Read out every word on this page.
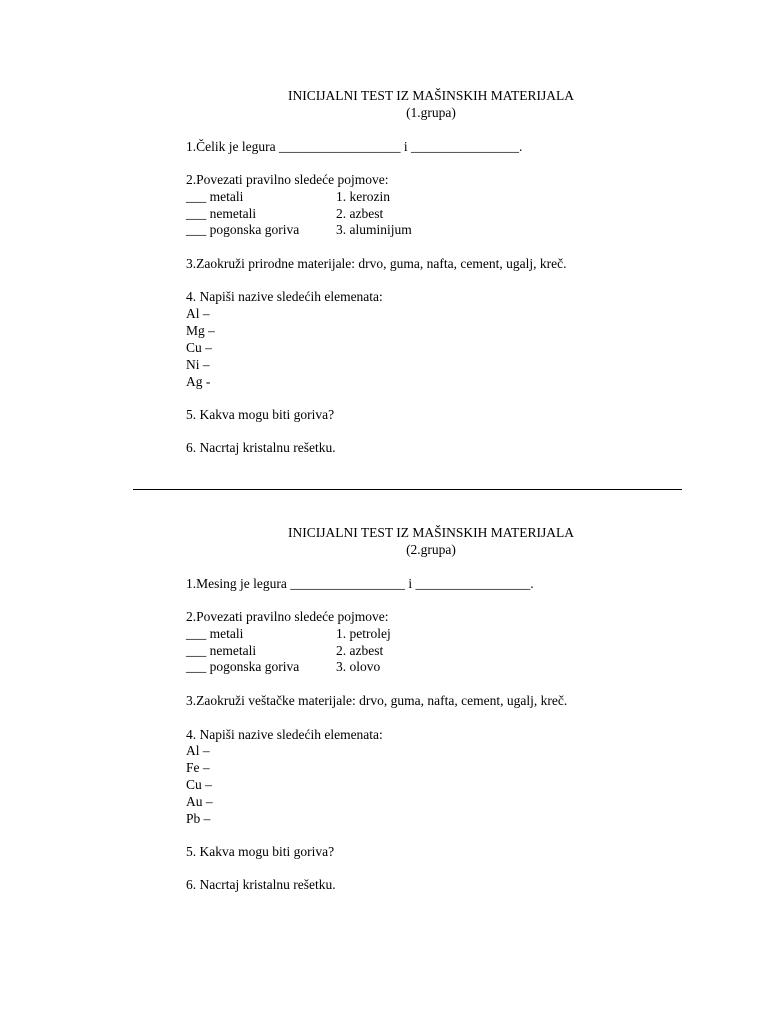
INICIJALNI TEST IZ MAŠINSKIH MATERIJALA
(1.grupa)
1.Čelik je legura __________________ i ________________.
2.Povezati pravilno sledeće pojmove:
___ metali	1. kerozin
___ nemetali	2. azbest
___ pogonska goriva	3. aluminijum
3.Zaokruži prirodne materijale: drvo, guma, nafta, cement, ugalj, kreč.
4. Napiši nazive sledećih elemenata:
Al –
Mg –
Cu –
Ni –
Ag -
5. Kakva mogu biti goriva?
6. Nacrtaj kristalnu rešetku.
INICIJALNI TEST IZ MAŠINSKIH MATERIJALA
(2.grupa)
1.Mesing je legura _________________ i _________________.
2.Povezati pravilno sledeće pojmove:
___ metali	1. petrolej
___ nemetali	2. azbest
___ pogonska goriva	3. olovo
3.Zaokruži veštačke materijale: drvo, guma, nafta, cement, ugalj, kreč.
4. Napiši nazive sledećih elemenata:
Al –
Fe –
Cu –
Au –
Pb –
5. Kakva mogu biti goriva?
6. Nacrtaj kristalnu rešetku.
